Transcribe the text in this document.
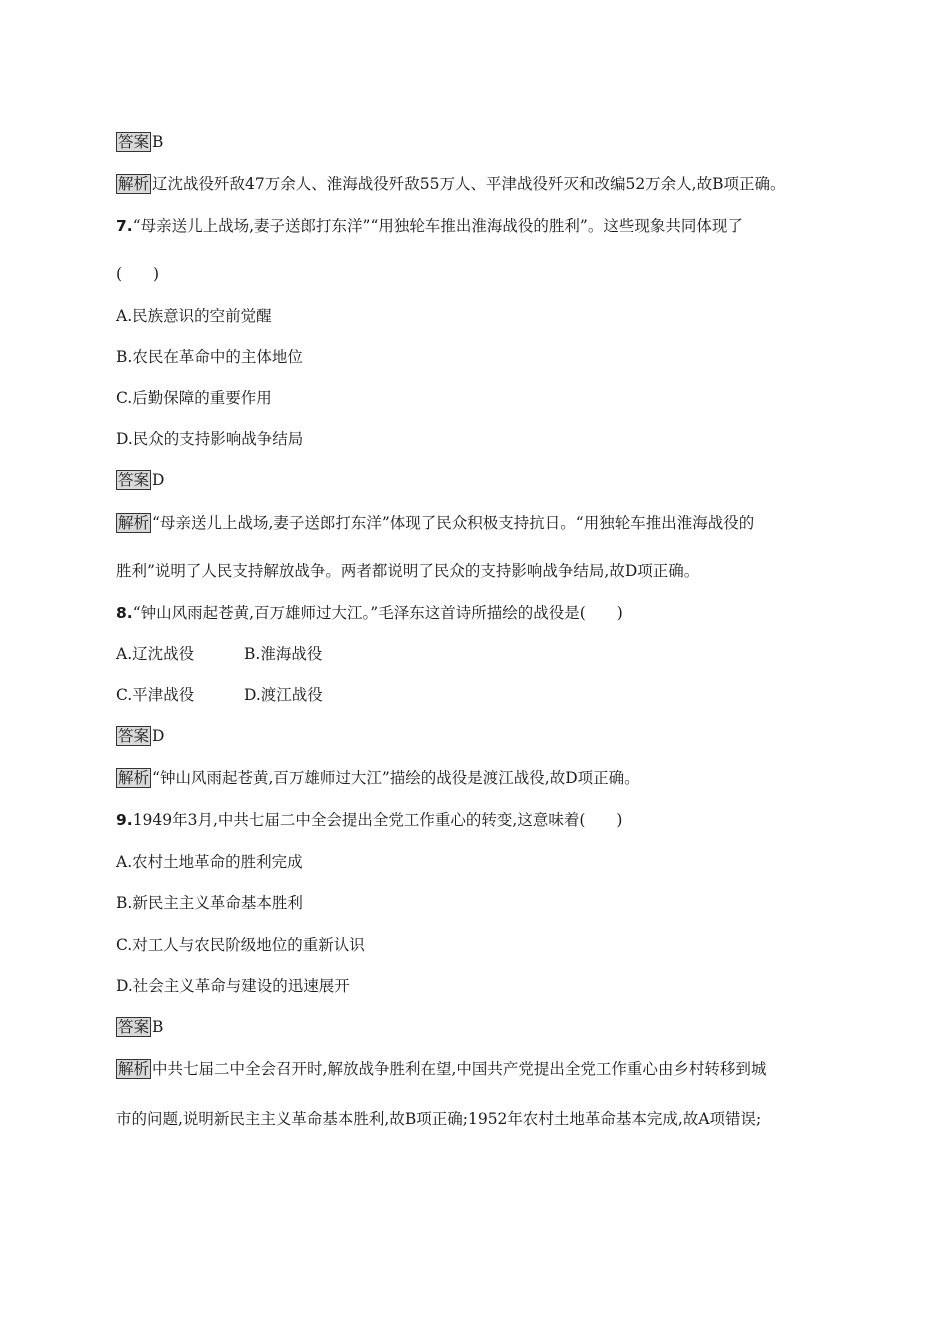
答案 B
解析 辽沈战役歼敌47万余人、淮海战役歼敌55万人、平津战役歼灭和改编52万余人,故B项正确。
7.“母亲送儿上战场,妻子送郎打东洋”“用独轮车推出淮海战役的胜利”。这些现象共同体现了
(　　)
A.民族意识的空前觉醒
B.农民在革命中的主体地位
C.后勤保障的重要作用
D.民众的支持影响战争结局
答案 D
解析 “母亲送儿上战场,妻子送郎打东洋”体现了民众积极支持抗日。“用独轮车推出淮海战役的
胜利”说明了人民支持解放战争。两者都说明了民众的支持影响战争结局,故D项正确。
8.“钟山风雨起苍黄,百万雄师过大江。”毛泽东这首诗所描绘的战役是(　　)
A.辽沈战役	B.淮海战役
C.平津战役	D.渡江战役
答案 D
解析 “钟山风雨起苍黄,百万雄师过大江”描绘的战役是渡江战役,故D项正确。
9.1949年3月,中共七届二中全会提出全党工作重心的转变,这意味着(　　)
A.农村土地革命的胜利完成
B.新民主主义革命基本胜利
C.对工人与农民阶级地位的重新认识
D.社会主义革命与建设的迅速展开
答案 B
解析 中共七届二中全会召开时,解放战争胜利在望,中国共产党提出全党工作重心由乡村转移到城
市的问题,说明新民主主义革命基本胜利,故B项正确;1952年农村土地革命基本完成,故A项错误;
